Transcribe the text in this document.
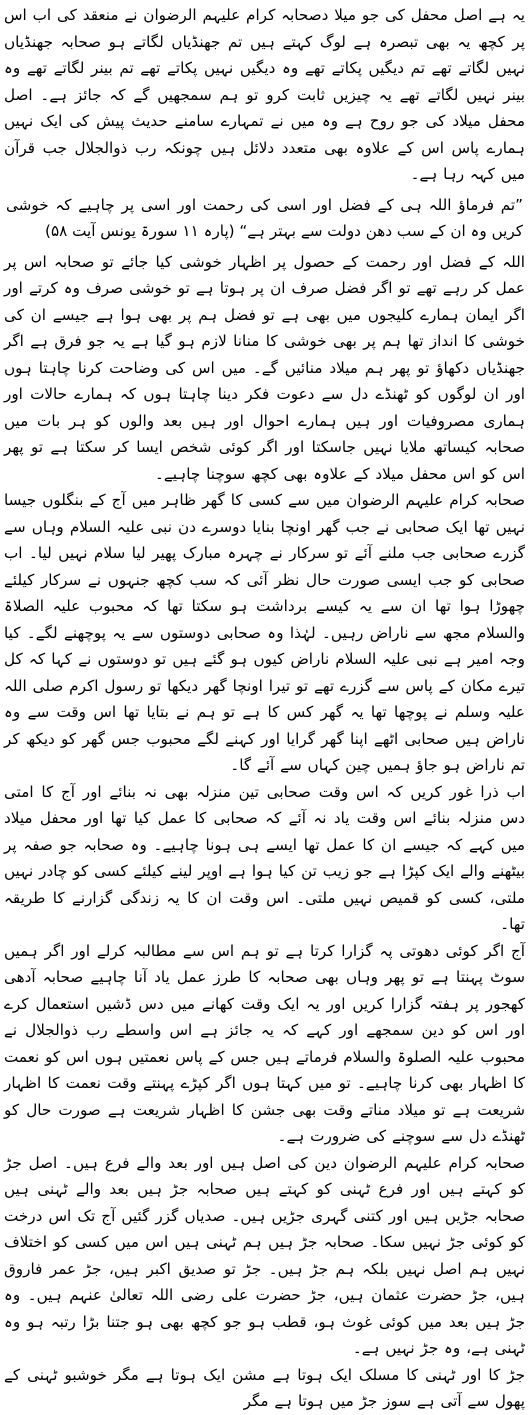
یہ ہے اصل محفل کی جو میلا دصحابہ کرام علیہم الرضوان نے منعقد کی اب اس پر کچھ یہ بھی تبصرہ ہے لوگ کہتے ہیں تم جھنڈیاں لگاتے ہو صحابہ جھنڈیاں نہیں لگاتے تھے تم دیگیں پکاتے تھے وہ دیگیں نہیں پکاتے تھے تم بینر لگاتے تھے وہ بینر نہیں لگاتے تھے یہ چیزیں ثابت کرو تو ہم سمجھیں گے کہ جائز ہے۔ اصل محفل میلاد کی جو روح ہے وہ میں نے تمہارے سامنے حدیث پیش کی ایک نہیں ہمارے پاس اس کے علاوہ بھی متعدد دلائل ہیں چونکہ رب ذوالجلال جب قرآن میں کہہ رہا ہے۔

”تم فرماؤ اللہ ہی کے فضل اور اسی کی رحمت اور اسی پر چاہیے کہ خوشی کریں وہ ان کے سب دھن دولت سے بہتر ہے“ (پارہ ۱۱ سورۃ یونس آیت ۵۸)

اللہ کے فضل اور رحمت کے حصول پر اظہار خوشی کیا جائے تو صحابہ اس پر عمل کر رہے تھے تو اگر فضل صرف ان پر ہوتا ہے تو خوشی صرف وہ کرتے اور اگر ایمان ہمارے کلیجوں میں بھی ہے تو فضل ہم پر بھی ہوا ہے جیسے ان کی خوشی کا انداز تھا ہم پر بھی خوشی کا منانا لازم ہو گیا ہے یہ جو فرق ہے اگر جھنڈیاں دکھاؤ تو پھر ہم میلاد منائیں گے۔ میں اس کی وضاحت کرنا چاہتا ہوں اور ان لوگوں کو ٹھنڈے دل سے دعوت فکر دینا چاہتا ہوں کہ ہمارے حالات اور ہماری مصروفیات اور ہیں ہمارے احوال اور ہیں بعد والوں کو ہر بات میں صحابہ کیساتھ ملایا نہیں جاسکتا اور اگر کوئی شخص ایسا کر سکتا ہے تو پھر اس کو اس محفل میلاد کے علاوہ بھی کچھ سوچنا چاہیے۔

صحابہ کرام علیہم الرضوان میں سے کسی کا گھر ظاہر میں آج کے بنگلوں جیسا نہیں تھا ایک صحابی نے جب گھر اونچا بنایا دوسرے دن نبی علیہ السلام وہاں سے گزرے صحابی جب ملنے آئے تو سرکار نے چہرہ مبارک پھیر لیا سلام نہیں لیا۔ اب صحابی کو جب ایسی صورت حال نظر آئی کہ سب کچھ جنہوں نے سرکار کیلئے چھوڑا ہوا تھا ان سے یہ کیسے برداشت ہو سکتا تھا کہ محبوب علیہ الصلاۃ والسلام مجھ سے ناراض رہیں۔ لہٰذا وہ صحابی دوستوں سے یہ پوچھنے لگے۔ کیا وجہ امیر ہے نبی علیہ السلام ناراض کیوں ہو گئے ہیں تو دوستوں نے کہا کہ کل تیرے مکان کے پاس سے گزرے تھے تو تیرا اونچا گھر دیکھا تو رسول اکرم صلی اللہ علیہ وسلم نے پوچھا تھا یہ گھر کس کا ہے تو ہم نے بتایا تھا اس وقت سے وہ ناراض ہیں صحابی اٹھے اپنا گھر گرایا اور کہنے لگے محبوب جس گھر کو دیکھ کر تم ناراض ہو جاؤ ہمیں چین کہاں سے آئے گا۔

اب ذرا غور کریں کہ اس وقت صحابی تین منزلہ بھی نہ بنائے اور آج کا امتی دس منزلہ بنائے اس وقت یاد نہ آئے کہ صحابی کا عمل کیا تھا اور محفل میلاد میں کہے کہ جیسے ان کا عمل تھا ایسے ہی ہونا چاہیے۔ وہ صحابہ جو صفہ پر بیٹھنے والے ایک کپڑا ہے جو زیب تن کیا ہوا ہے اوپر لینے کیلئے کسی کو چادر نہیں ملتی، کسی کو قمیص نہیں ملتی۔ اس وقت ان کا یہ زندگی گزارنے کا طریقہ تھا۔

آج اگر کوئی دھوتی پہ گزارا کرتا ہے تو ہم اس سے مطالبہ کرلے اور اگر ہمیں سوٹ پہنتا ہے تو پھر وہاں بھی صحابہ کا طرز عمل یاد آنا چاہیے صحابہ آدھی کھجور پر ہفتہ گزارا کریں اور یہ ایک وقت کھانے میں دس ڈشیں استعمال کرے اور اس کو دین سمجھے اور کہے کہ یہ جائز ہے اس واسطے رب ذوالجلال نے محبوب علیہ الصلوۃ والسلام فرماتے ہیں جس کے پاس نعمتیں ہوں اس کو نعمت کا اظہار بھی کرنا چاہیے۔ تو میں کہتا ہوں اگر کپڑے پہنتے وقت نعمت کا اظہار شریعت ہے تو میلاد مناتے وقت بھی جشن کا اظہار شریعت ہے صورت حال کو ٹھنڈے دل سے سوچنے کی ضرورت ہے۔

صحابہ کرام علیہم الرضوان دین کی اصل ہیں اور بعد والے فرع ہیں۔ اصل جڑ کو کہتے ہیں اور فرع ٹہنی کو کہتے ہیں صحابہ جڑ ہیں بعد والے ٹہنی ہیں صحابہ جڑیں ہیں اور کتنی گہری جڑیں ہیں۔ صدیاں گزر گئیں آج تک اس درخت کو کوئی جڑ نہیں سکا۔ صحابہ جڑ ہیں ہم ٹہنی ہیں اس میں کسی کو اختلاف نہیں ہم اصل نہیں بلکہ ہم جڑ ہیں۔ جڑ تو صدیق اکبر ہیں، جڑ عمر فاروق ہیں، جڑ حضرت عثمان ہیں، جڑ حضرت علی رضی اللہ تعالیٰ عنہم ہیں۔ وہ جڑ ہیں بعد میں کوئی غوث ہو، قطب ہو جو کچھ بھی ہو جتنا بڑا رتبہ ہو وہ ٹہنی ہے، وہ جڑ نہیں ہے۔

جڑ کا اور ٹہنی کا مسلک ایک ہوتا ہے مشن ایک ہوتا ہے مگر خوشبو ٹہنی کے پھول سے آتی ہے سوز جڑ میں ہوتا ہے مگر
